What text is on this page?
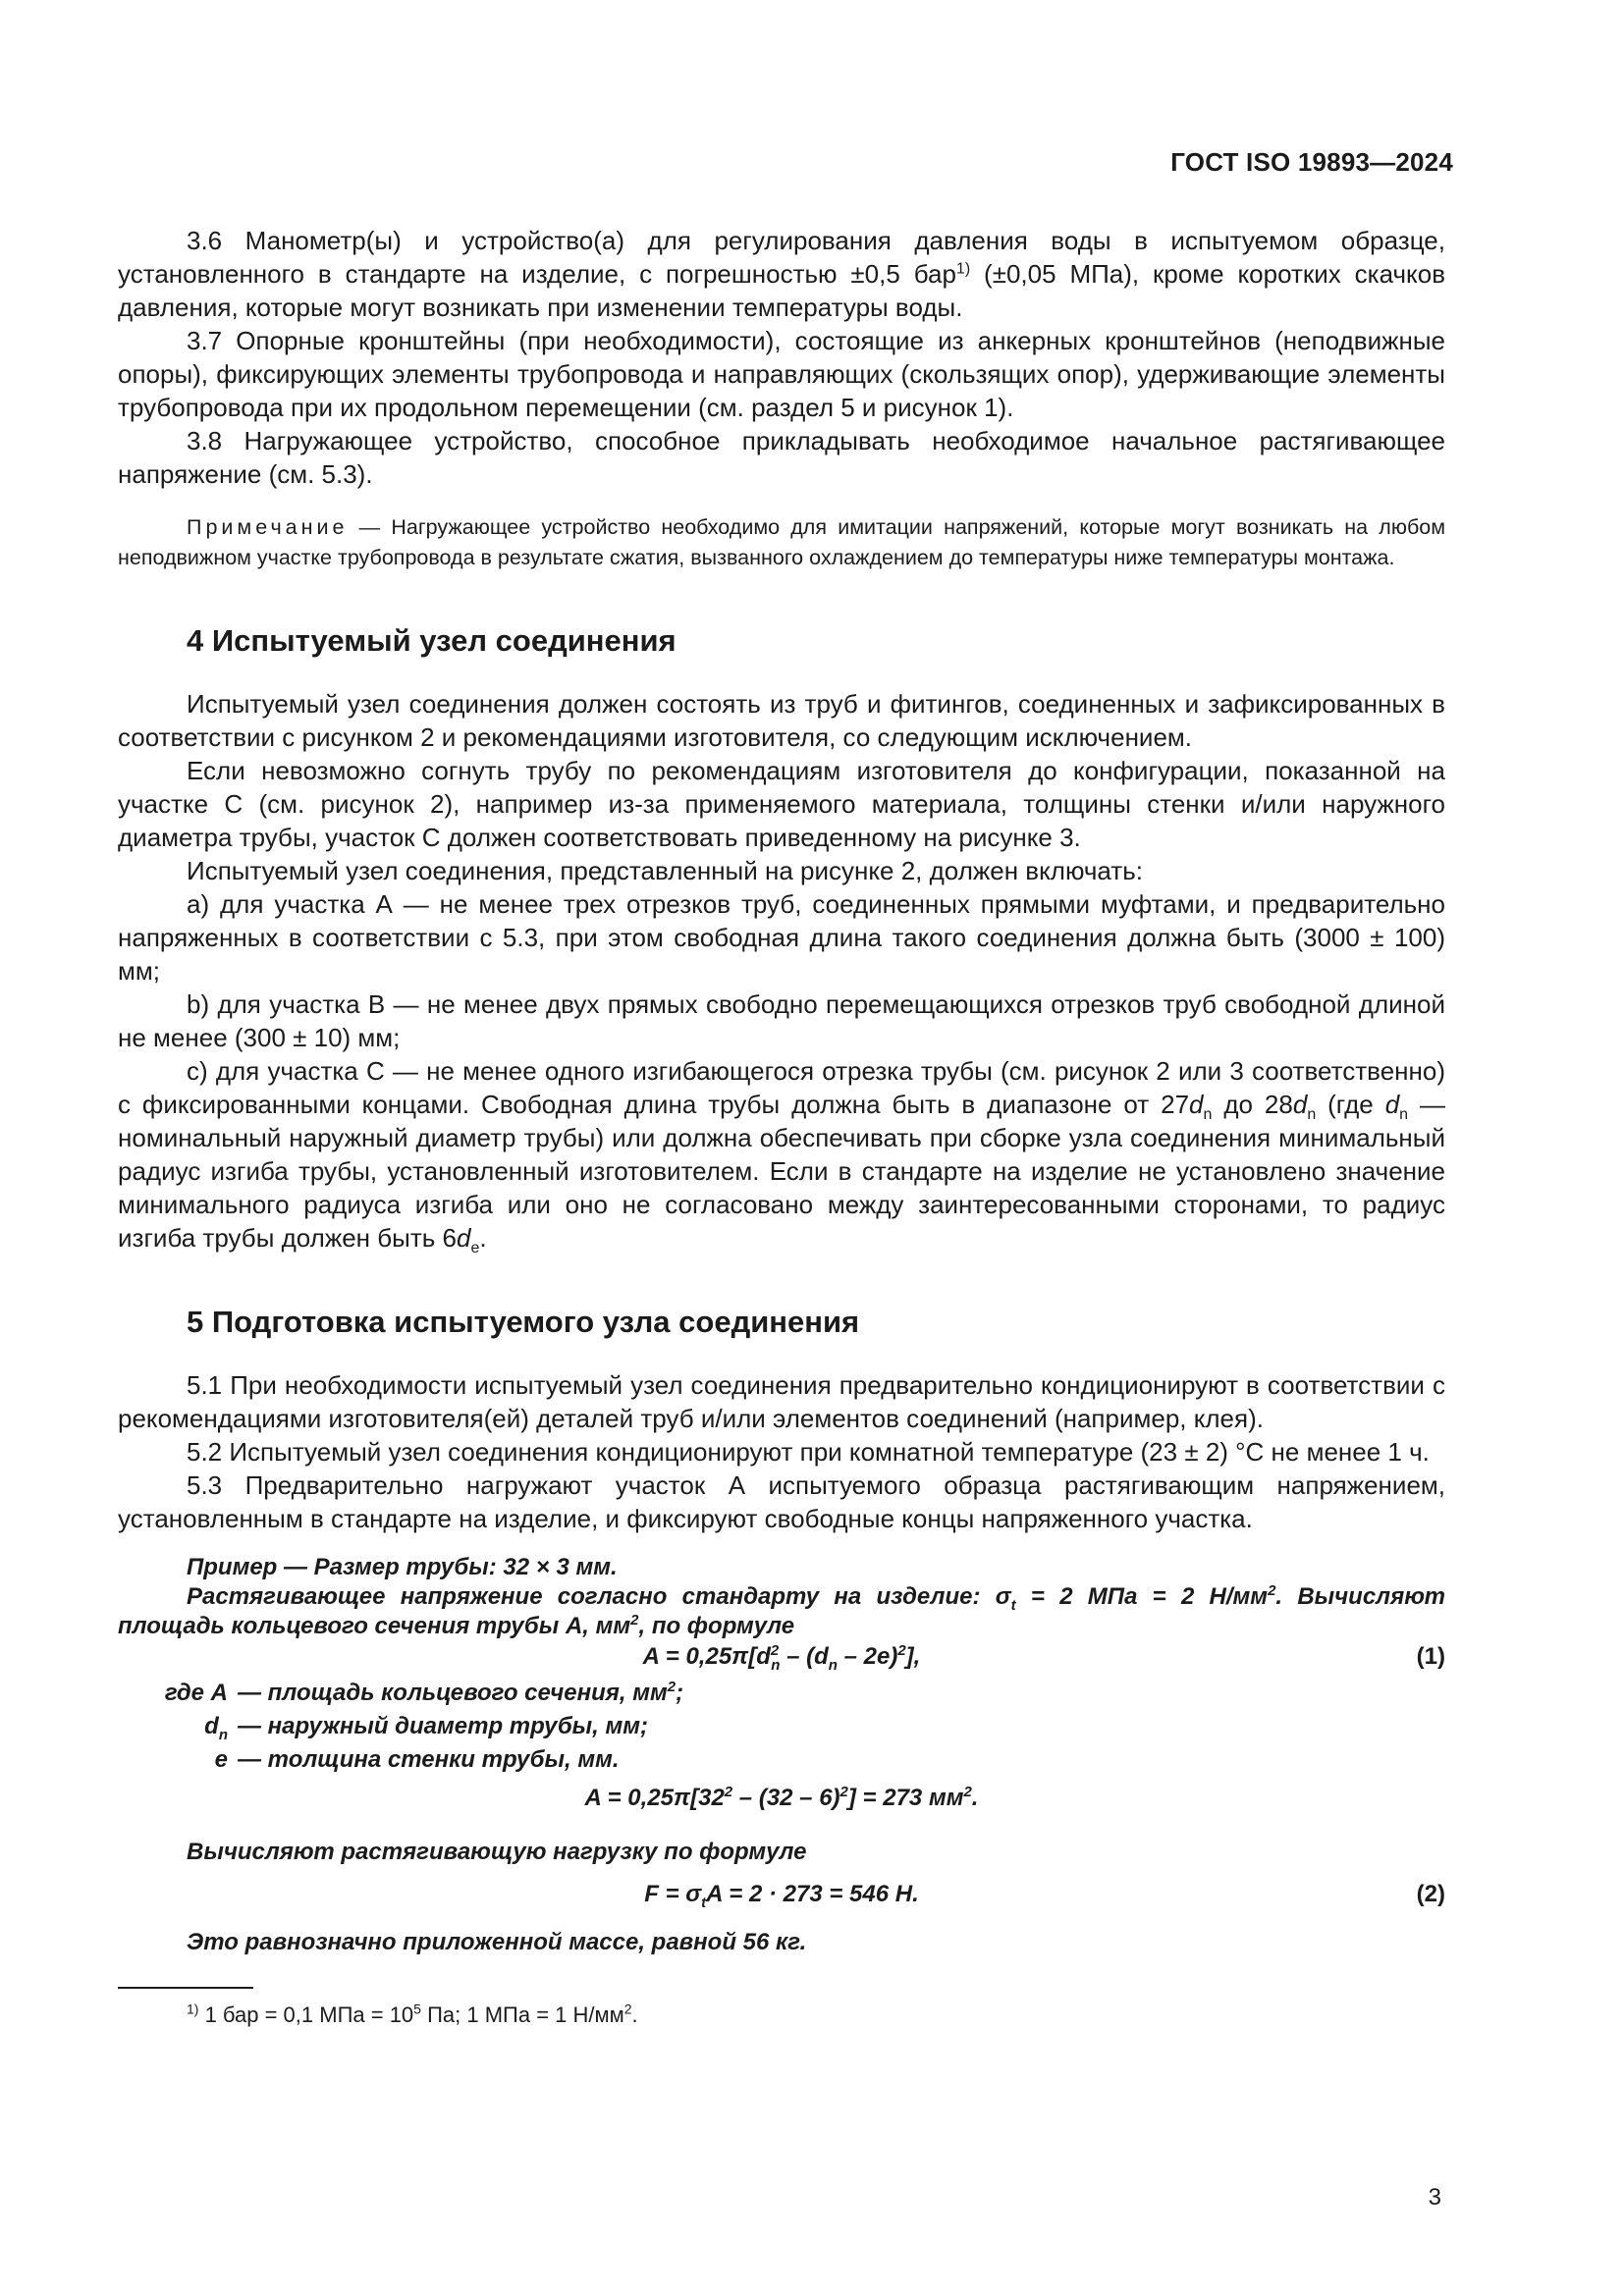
ГОСТ ISO 19893—2024

3.6 Манометр(ы) и устройство(а) для регулирования давления воды в испытуемом образце, установленного в стандарте на изделие, с погрешностью ±0,5 бар$^{1)}$ (±0,05 МПа), кроме коротких скачков давления, которые могут возникать при изменении температуры воды.

3.7 Опорные кронштейны (при необходимости), состоящие из анкерных кронштейнов (неподвижные опоры), фиксирующих элементы трубопровода и направляющих (скользящих опор), удерживающие элементы трубопровода при их продольном перемещении (см. раздел 5 и рисунок 1).

3.8 Нагружающее устройство, способное прикладывать необходимое начальное растягивающее напряжение (см. 5.3).

Примечание — Нагружающее устройство необходимо для имитации напряжений, которые могут возникать на любом неподвижном участке трубопровода в результате сжатия, вызванного охлаждением до температуры ниже температуры монтажа.

4 Испытуемый узел соединения

Испытуемый узел соединения должен состоять из труб и фитингов, соединенных и зафиксированных в соответствии с рисунком 2 и рекомендациями изготовителя, со следующим исключением.

Если невозможно согнуть трубу по рекомендациям изготовителя до конфигурации, показанной на участке С (см. рисунок 2), например из-за применяемого материала, толщины стенки и/или наружного диаметра трубы, участок С должен соответствовать приведенному на рисунке 3.

Испытуемый узел соединения, представленный на рисунке 2, должен включать:

a) для участка А — не менее трех отрезков труб, соединенных прямыми муфтами, и предварительно напряженных в соответствии с 5.3, при этом свободная длина такого соединения должна быть (3000 ± 100) мм;

b) для участка В — не менее двух прямых свободно перемещающихся отрезков труб свободной длиной не менее (300 ± 10) мм;

c) для участка С — не менее одного изгибающегося отрезка трубы (см. рисунок 2 или 3 соответственно) с фиксированными концами. Свободная длина трубы должна быть в диапазоне от $27d_n$ до $28d_n$ (где $d_n$ — номинальный наружный диаметр трубы) или должна обеспечивать при сборке узла соединения минимальный радиус изгиба трубы, установленный изготовителем. Если в стандарте на изделие не установлено значение минимального радиуса изгиба или оно не согласовано между заинтересованными сторонами, то радиус изгиба трубы должен быть $6d_e$.

5 Подготовка испытуемого узла соединения

5.1 При необходимости испытуемый узел соединения предварительно кондиционируют в соответствии с рекомендациями изготовителя(ей) деталей труб и/или элементов соединений (например, клея).

5.2 Испытуемый узел соединения кондиционируют при комнатной температуре (23 ± 2) °С не менее 1 ч.

5.3 Предварительно нагружают участок А испытуемого образца растягивающим напряжением, установленным в стандарте на изделие, и фиксируют свободные концы напряженного участка.

Пример — Размер трубы: 32 × 3 мм.

Растягивающее напряжение согласно стандарту на изделие: $\sigma_t = 2$ МПа = 2 $Н/мм^2$. Вычисляют площадь кольцевого сечения трубы А, $мм^2$, по формуле

$A = 0,25\pi[d^2_n - (d_n - 2e)^2]$,	(1)
где A — площадь кольцевого сечения, $мм^2$;
$d_n$ — наружный диаметр трубы, мм;
e — толщина стенки трубы, мм.
$A = 0,25\pi[32^2 - (32 - 6)^2] = 273$ $мм^2$.

Вычисляют растягивающую нагрузку по формуле

$F = \sigma_tA = 2 \cdot 273 = 546$ Н.	(2)

Это равнозначно приложенной массе, равной 56 кг.

$^{1)}$ 1 бар = 0,1 МПа = $10^5$ Па; 1 МПа = 1 $Н/мм^2$.
3
